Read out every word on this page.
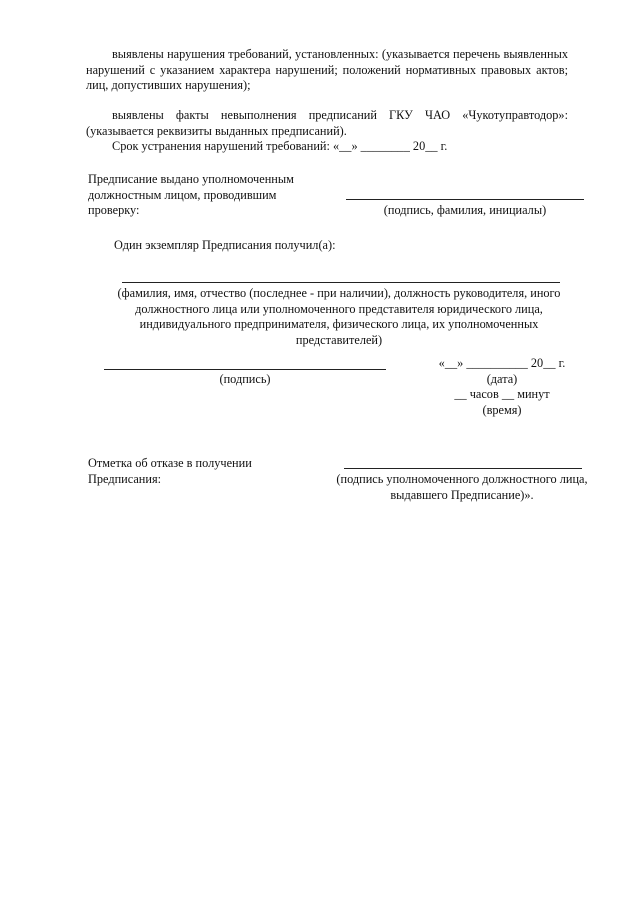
выявлены нарушения требований, установленных: (указывается перечень выявленных нарушений с указанием характера нарушений; положений нормативных правовых актов; лиц, допустивших нарушения);
выявлены факты невыполнения предписаний ГКУ ЧАО «Чукотуправтодор»: (указывается реквизиты выданных предписаний).
Срок устранения нарушений требований: «__» ________ 20__ г.
Предписание выдано уполномоченным
должностным лицом, проводившим
проверку:	(подпись, фамилия, инициалы)
Один экземпляр Предписания получил(а):
(фамилия, имя, отчество (последнее - при наличии), должность руководителя, иного должностного лица или уполномоченного представителя юридического лица, индивидуального предпринимателя, физического лица, их уполномоченных представителей)
(подпись)
«__» __________ 20__ г.
(дата)
__ часов __ минут
(время)
Отметка об отказе в получении
Предписания:	(подпись уполномоченного должностного лица, выдавшего Предписание)».
